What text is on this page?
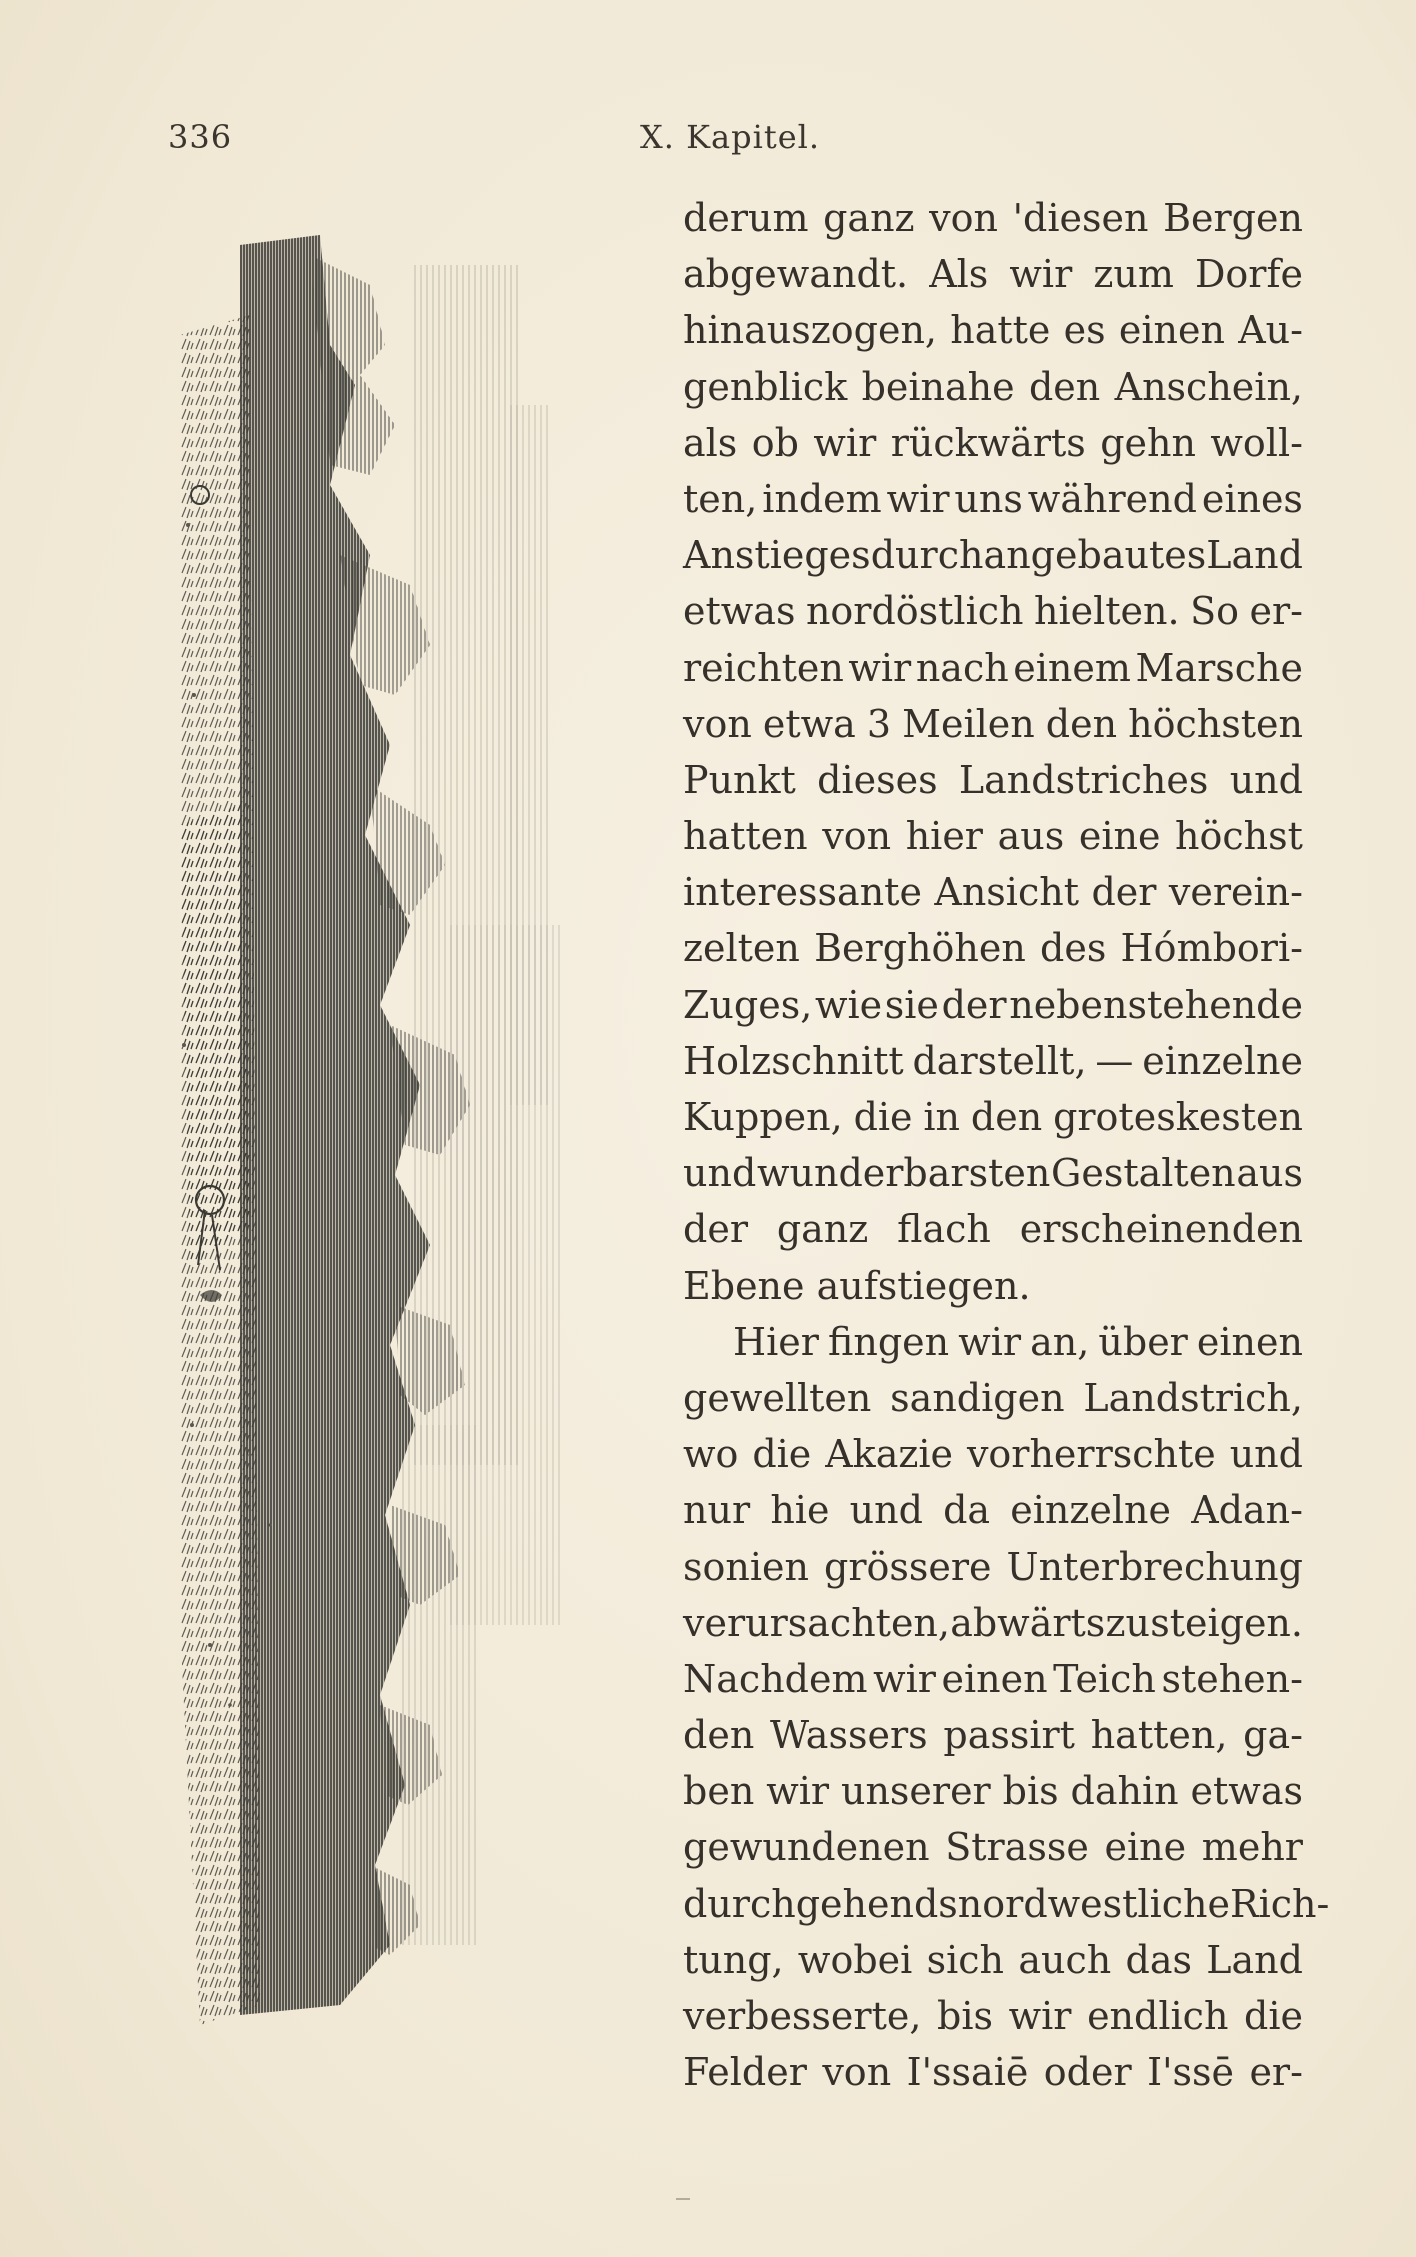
336	X. Kapitel.
derum ganz von 'diesen Bergen
abgewandt. Als wir zum Dorfe
hinauszogen, hatte es einen Au-
genblick beinahe den Anschein,
als ob wir rückwärts gehn woll-
ten, indem wir uns während eines
Anstieges durch angebautes Land
etwas nordöstlich hielten. So er-
reichten wir nach einem Marsche
von etwa 3 Meilen den höchsten
Punkt dieses Landstriches und
hatten von hier aus eine höchst
interessante Ansicht der verein-
zelten Berghöhen des Hómbori-
Zuges, wie sie der nebenstehende
Holzschnitt darstellt, — einzelne
Kuppen, die in den groteskesten
und wunderbarsten Gestalten aus
der ganz flach erscheinenden
Ebene aufstiegen.
Hier fingen wir an, über einen
gewellten sandigen Landstrich,
wo die Akazie vorherrschte und
nur hie und da einzelne Adan-
sonien grössere Unterbrechung
verursachten, abwärts zu steigen.
Nachdem wir einen Teich stehen-
den Wassers passirt hatten, ga-
ben wir unserer bis dahin etwas
gewundenen Strasse eine mehr
durchgehends nordwestliche Rich-
tung, wobei sich auch das Land
verbesserte, bis wir endlich die
Felder von I'ssaiē oder I'ssē er-
